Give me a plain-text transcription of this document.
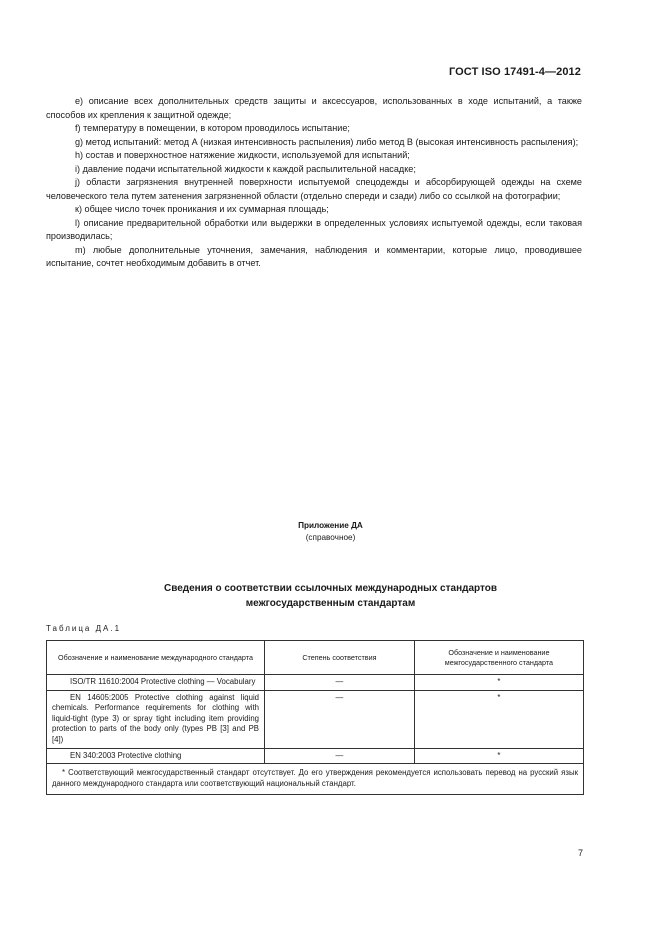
ГОСТ ISO 17491-4—2012

е) описание всех дополнительных средств защиты и аксессуаров, использованных в ходе испытаний, а также способов их крепления к защитной одежде;

f) температуру в помещении, в котором проводилось испытание;

g) метод испытаний: метод А (низкая интенсивность распыления) либо метод В (высокая интенсивность распыления);

h) состав и поверхностное натяжение жидкости, используемой для испытаний;

i) давление подачи испытательной жидкости к каждой распылительной насадке;

j) области загрязнения внутренней поверхности испытуемой спецодежды и абсорбирующей одежды на схеме человеческого тела путем затенения загрязненной области (отдельно спереди и сзади) либо со ссылкой на фотографии;

к) общее число точек проникания и их суммарная площадь;

l) описание предварительной обработки или выдержки в определенных условиях испытуемой одежды, если таковая производилась;

m) любые дополнительные уточнения, замечания, наблюдения и комментарии, которые лицо, проводившее испытание, сочтет необходимым добавить в отчет.

Приложение ДА
(справочное)
Сведения о соответствии ссылочных международных стандартов
межгосударственным стандартам
Таблица ДА.1
Обозначение и наименование международного стандарта	Степень соответствия	Обозначение и наименование межгосударственного стандарта

ISO/TR 11610:2004 Protective clothing — Vocabulary	—	*

EN 14605:2005 Protective clothing against liquid chemicals. Performance requirements for clothing with liquid-tight (type 3) or spray tight including item providing protection to parts of the body only (types PB [3] and PB [4])	—	*

EN 340:2003 Protective clothing	—	*

* Соответствующий межгосударственный стандарт отсутствует. До его утверждения рекомендуется использовать перевод на русский язык данного международного стандарта или соответствующий национальный стандарт.		
7
